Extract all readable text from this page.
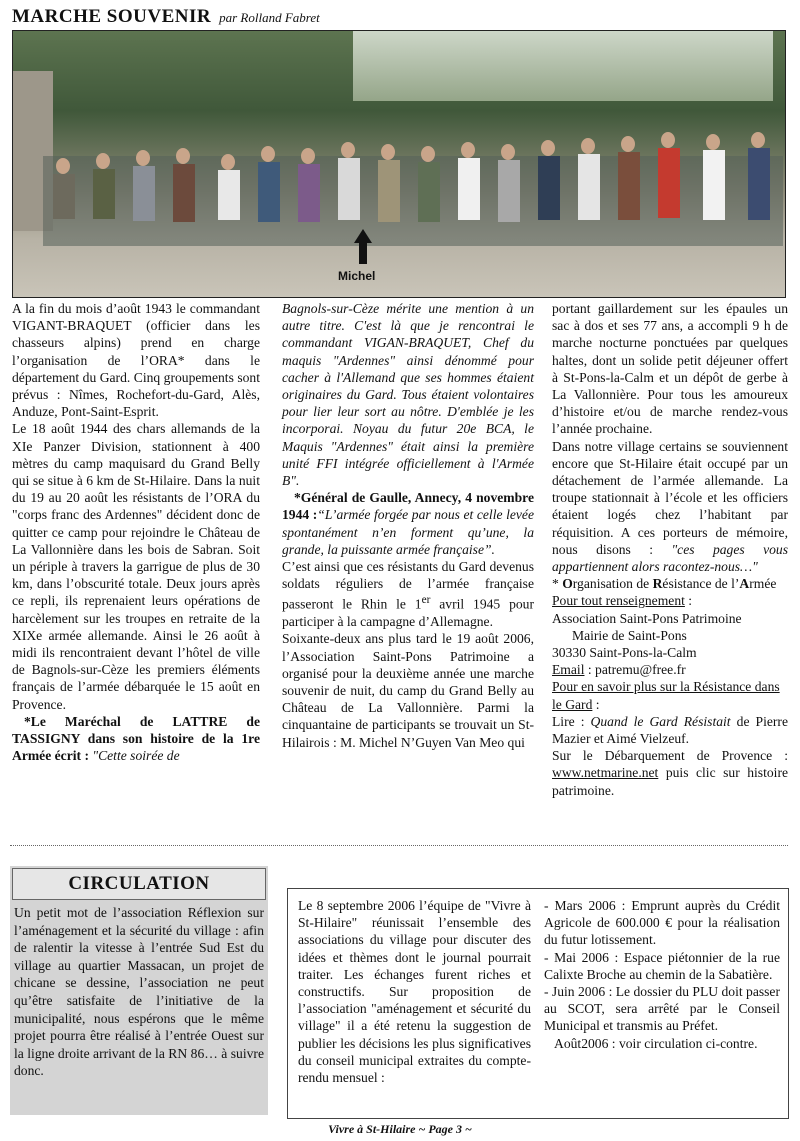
MARCHE SOUVENIR par Rolland Fabret
Michel

A la fin du mois d’août 1943 le commandant VIGANT-BRAQUET (officier dans les chasseurs alpins) prend en charge l’organisation de l’ORA* dans le département du Gard. Cinq groupements sont prévus : Nîmes, Rochefort-du-Gard, Alès, Anduze, Pont-Saint-Esprit.

Le 18 août 1944 des chars allemands de la XIe Panzer Division, stationnent à 400 mètres du camp maquisard du Grand Belly qui se situe à 6 km de St-Hilaire. Dans la nuit du 19 au 20 août les résistants de l’ORA du "corps franc des Ardennes" décident donc de quitter ce camp pour rejoindre le Château de La Vallonnière dans les bois de Sabran. Soit un périple à travers la garrigue de plus de 30 km, dans l’obscurité totale. Deux jours après ce repli, ils reprenaient leurs opérations de harcèlement sur les troupes en retraite de la XIXe armée allemande. Ainsi le 26 août à midi ils rencontraient devant l’hôtel de ville de Bagnols-sur-Cèze les premiers éléments français de l’armée débarquée le 15 août en Provence.

*Le Maréchal de LATTRE de TASSIGNY dans son histoire de la 1re Armée écrit : "Cette soirée de

Bagnols-sur-Cèze mérite une mention à un autre titre. C'est là que je rencontrai le commandant VIGAN-BRAQUET, Chef du maquis "Ardennes" ainsi dénommé pour cacher à l'Allemand que ses hommes étaient originaires du Gard. Tous étaient volontaires pour lier leur sort au nôtre. D'emblée je les incorporai. Noyau du futur 20e BCA, le Maquis "Ardennes" était ainsi la première unité FFI intégrée officiellement à l'Armée B".

*Général de Gaulle, Annecy, 4 novembre 1944 :“L’armée forgée par nous et celle levée spontanément n’en forment qu’une, la grande, la puissante armée française”.

C’est ainsi que ces résistants du Gard devenus soldats réguliers de l’armée française passeront le Rhin le 1er avril 1945 pour participer à la campagne d’Allemagne.

Soixante-deux ans plus tard le 19 août 2006, l’Association Saint-Pons Patrimoine a organisé pour la deuxième année une marche souvenir de nuit, du camp du Grand Belly au Château de La Vallonnière. Parmi la cinquantaine de participants se trouvait un St-Hilairois : M. Michel N’Guyen Van Meo qui

portant gaillardement sur les épaules un sac à dos et ses 77 ans, a accompli 9 h de marche nocturne ponctuées par quelques haltes, dont un solide petit déjeuner offert à St-Pons-la-Calm et un dépôt de gerbe à La Vallonnière. Pour tous les amoureux d’histoire et/ou de marche rendez-vous l’année prochaine.

Dans notre village certains se souviennent encore que St-Hilaire était occupé par un détachement de l’armée allemande. La troupe stationnait à l’école et les officiers étaient logés chez l’habitant par réquisition. A ces porteurs de mémoire, nous disons : "ces pages vous appartiennent alors racontez-nous…"

* Organisation de Résistance de l’Armée

Pour tout renseignement :

Association Saint-Pons Patrimoine

Mairie de Saint-Pons

30330 Saint-Pons-la-Calm

Email : patremu@free.fr

Pour en savoir plus sur la Résistance dans le Gard :

Lire : Quand le Gard Résistait de Pierre Mazier et Aimé Vielzeuf.

Sur le Débarquement de Provence : www.netmarine.net puis clic sur histoire patrimoine.

CIRCULATION
Un petit mot de l’association Réflexion sur l’aménagement et la sécurité du village : afin de ralentir la vitesse à l’entrée Sud Est du village au quartier Massacan, un projet de chicane se dessine, l’association ne peut qu’être satisfaite de l’initiative de la municipalité, nous espérons que le même projet pourra être réalisé à l’entrée Ouest sur la ligne droite arrivant de la RN 86… à suivre donc.
Le 8 septembre 2006 l’équipe de "Vivre à St-Hilaire" réunissait l’ensemble des associations du village pour discuter des idées et thèmes dont le journal pourrait traiter. Les échanges furent riches et constructifs. Sur proposition de l’association "aménagement et sécurité du village" il a été retenu la suggestion de publier les décisions les plus significatives du conseil municipal extraites du compte-rendu mensuel :
- Mars 2006 : Emprunt auprès du Crédit Agricole de 600.000 € pour la réalisation du futur lotissement.
- Mai 2006 : Espace piétonnier de la rue Calixte Broche au chemin de la Sabatière.
- Juin 2006 : Le dossier du PLU doit passer au SCOT, sera arrêté par le Conseil Municipal et transmis au Préfet.
Août2006 : voir circulation ci-contre.
Vivre à St-Hilaire ~ Page 3 ~
